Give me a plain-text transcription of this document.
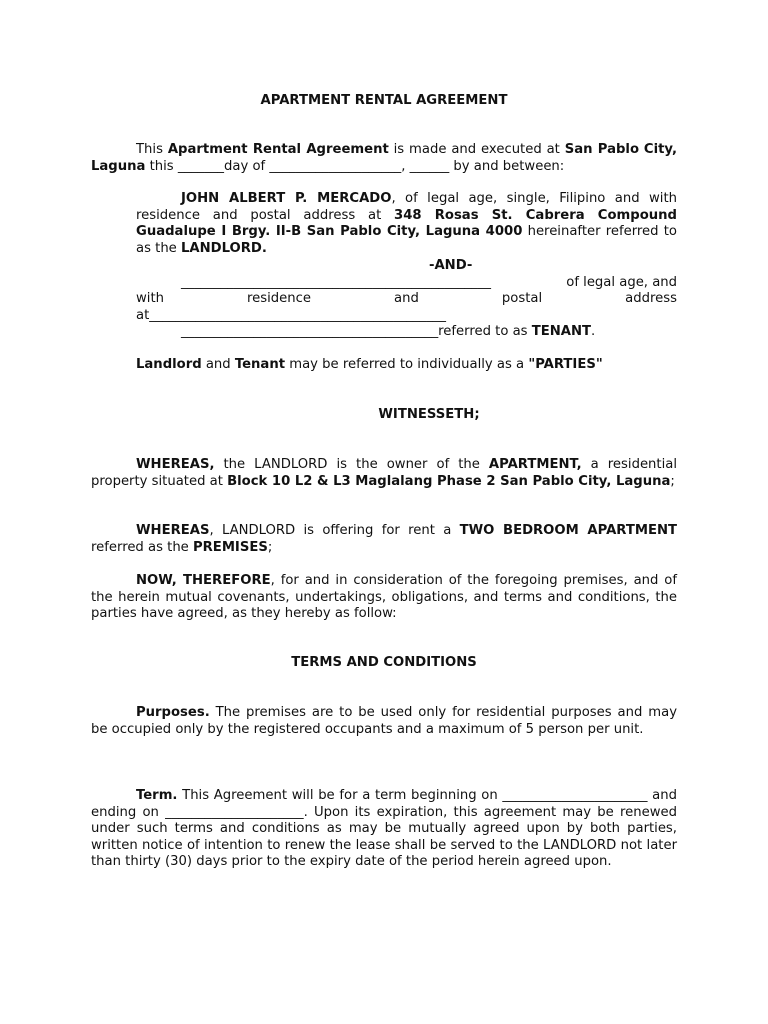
APARTMENT RENTAL AGREEMENT

This Apartment Rental Agreement is made and executed at San Pablo City, Laguna this _______day of ____________________, ______ by and between:

JOHN ALBERT P. MERCADO, of legal age, single, Filipino and with residence and postal address at 348 Rosas St. Cabrera Compound Guadalupe I Brgy. II-B San Pablo City, Laguna 4000 hereinafter referred to as the LANDLORD.

-AND-
_______________________________________________	of legal age, and
with	residence	and	postal	address
at_____________________________________________
_______________________________________referred to as TENANT.

Landlord and Tenant may be referred to individually as a "PARTIES"

WITNESSETH;

WHEREAS, the LANDLORD is the owner of the APARTMENT, a residential property situated at Block 10 L2 & L3 Maglalang Phase 2 San Pablo City, Laguna;

WHEREAS, LANDLORD is offering for rent a TWO BEDROOM APARTMENT referred as the PREMISES;

NOW, THEREFORE, for and in consideration of the foregoing premises, and of the herein mutual covenants, undertakings, obligations, and terms and conditions, the parties have agreed, as they hereby as follow:

TERMS AND CONDITIONS

Purposes. The premises are to be used only for residential purposes and may be occupied only by the registered occupants and a maximum of 5 person per unit.

Term. This Agreement will be for a term beginning on ______________________ and ending on _____________________. Upon its expiration, this agreement may be renewed under such terms and conditions as may be mutually agreed upon by both parties, written notice of intention to renew the lease shall be served to the LANDLORD not later than thirty (30) days prior to the expiry date of the period herein agreed upon.
